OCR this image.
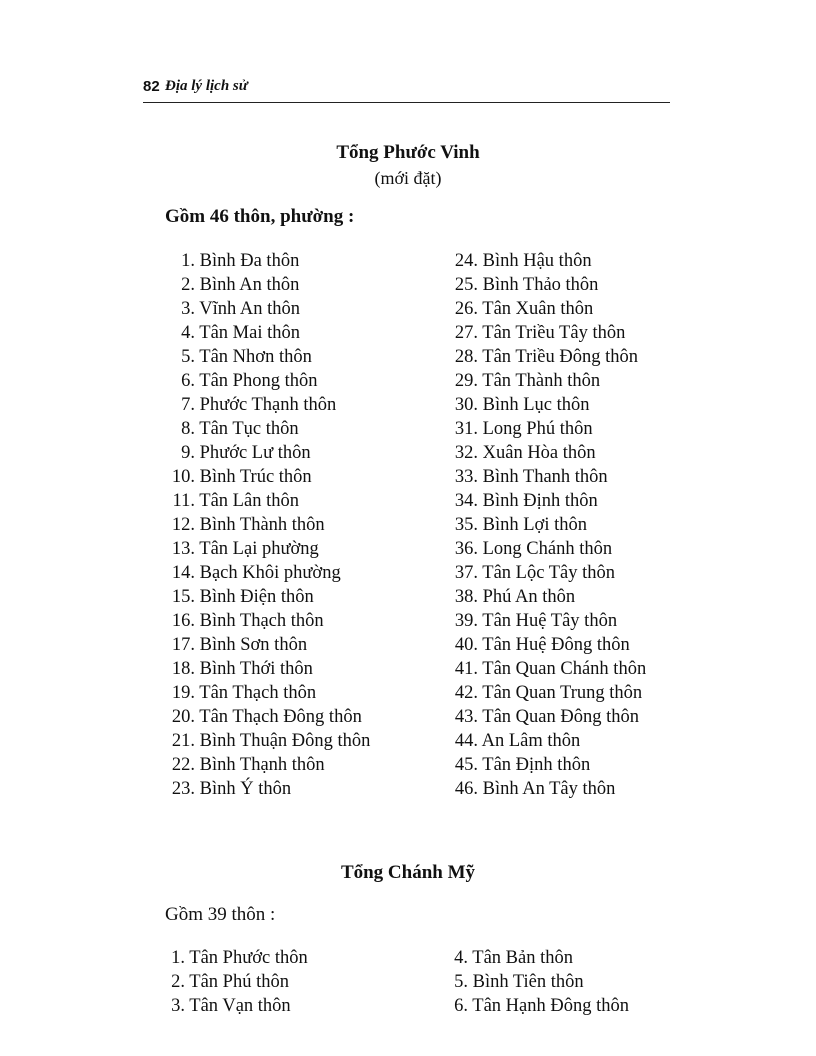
82 Địa lý lịch sử
Tổng Phước Vinh
(mới đặt)
Gồm 46 thôn, phường :
1. Bình Đa thôn
2. Bình An thôn
3. Vĩnh An thôn
4. Tân Mai thôn
5. Tân Nhơn thôn
6. Tân Phong thôn
7. Phước Thạnh thôn
8. Tân Tục thôn
9. Phước Lư thôn
10. Bình Trúc thôn
11. Tân Lân thôn
12. Bình Thành thôn
13. Tân Lại phường
14. Bạch Khôi phường
15. Bình Điện thôn
16. Bình Thạch thôn
17. Bình Sơn thôn
18. Bình Thới thôn
19. Tân Thạch thôn
20. Tân Thạch Đông thôn
21. Bình Thuận Đông thôn
22. Bình Thạnh thôn
23. Bình Ý thôn
24. Bình Hậu thôn
25. Bình Thảo thôn
26. Tân Xuân thôn
27. Tân Triều Tây thôn
28. Tân Triều Đông thôn
29. Tân Thành thôn
30. Bình Lục thôn
31. Long Phú thôn
32. Xuân Hòa thôn
33. Bình Thanh thôn
34. Bình Định thôn
35. Bình Lợi thôn
36. Long Chánh thôn
37. Tân Lộc Tây thôn
38. Phú An thôn
39. Tân Huệ Tây thôn
40. Tân Huệ Đông thôn
41. Tân Quan Chánh thôn
42. Tân Quan Trung thôn
43. Tân Quan Đông thôn
44. An Lâm thôn
45. Tân Định thôn
46. Bình An Tây thôn
Tổng Chánh Mỹ
Gồm 39 thôn :
1. Tân Phước thôn
2. Tân Phú thôn
3. Tân Vạn thôn
4. Tân Bản thôn
5. Bình Tiên thôn
6. Tân Hạnh Đông thôn
